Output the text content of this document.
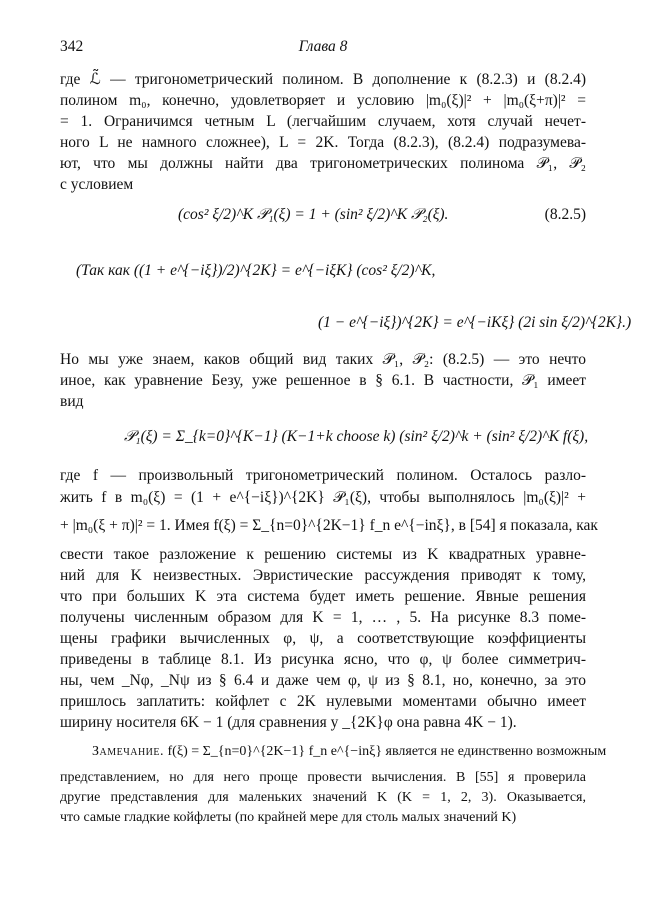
342	Глава 8
где ℒ̃ — тригонометрический полином. В дополнение к (8.2.3) и (8.2.4)
полином m₀, конечно, удовлетворяет и условию |m₀(ξ)|² + |m₀(ξ+π)|² =
= 1. Ограничимся четным L (легчайшим случаем, хотя случай нечет-
ного L не намного сложнее), L = 2K. Тогда (8.2.3), (8.2.4) подразумева-
ют, что мы должны найти два тригонометрических полинома 𝒫₁, 𝒫₂
с условием
(cos² ξ/2)^K 𝒫₁(ξ) = 1 + (sin² ξ/2)^K 𝒫₂(ξ).	(8.2.5)
(Так как ((1 + e^{−iξ})/2)^{2K} = e^{−iξK} (cos² ξ/2)^K,
(1 − e^{−iξ})^{2K} = e^{−iKξ} (2i sin ξ/2)^{2K}.)
Но мы уже знаем, каков общий вид таких 𝒫₁, 𝒫₂: (8.2.5) — это нечто
иное, как уравнение Безу, уже решенное в § 6.1. В частности, 𝒫₁ имеет
вид
𝒫₁(ξ) = Σ_{k=0}^{K−1} (K−1+k choose k) (sin² ξ/2)^k + (sin² ξ/2)^K f(ξ),
где f — произвольный тригонометрический полином. Осталось разло-
жить f в m₀(ξ) = (1 + e^{−iξ})^{2K} 𝒫₁(ξ), чтобы выполнялось |m₀(ξ)|² +
+ |m₀(ξ + π)|² = 1. Имея f(ξ) = Σ_{n=0}^{2K−1} f_n e^{−inξ}, в [54] я показала, как
свести такое разложение к решению системы из K квадратных уравне-
ний для K неизвестных. Эвристические рассуждения приводят к тому,
что при больших K эта система будет иметь решение. Явные решения
получены численным образом для K = 1, … , 5. На рисунке 8.3 поме-
щены графики вычисленных φ, ψ, а соответствующие коэффициенты
приведены в таблице 8.1. Из рисунка ясно, что φ, ψ более симметрич-
ны, чем _Nφ, _Nψ из § 6.4 и даже чем φ, ψ из § 8.1, но, конечно, за это
пришлось заплатить: койфлет с 2K нулевыми моментами обычно имеет
ширину носителя 6K − 1 (для сравнения у _{2K}φ она равна 4K − 1).
Замечание. f(ξ) = Σ_{n=0}^{2K−1} f_n e^{−inξ} является не единственно возможным
представлением, но для него проще провести вычисления. В [55] я проверила
другие представления для маленьких значений K (K = 1, 2, 3). Оказывается,
что самые гладкие койфлеты (по крайней мере для столь малых значений K)
